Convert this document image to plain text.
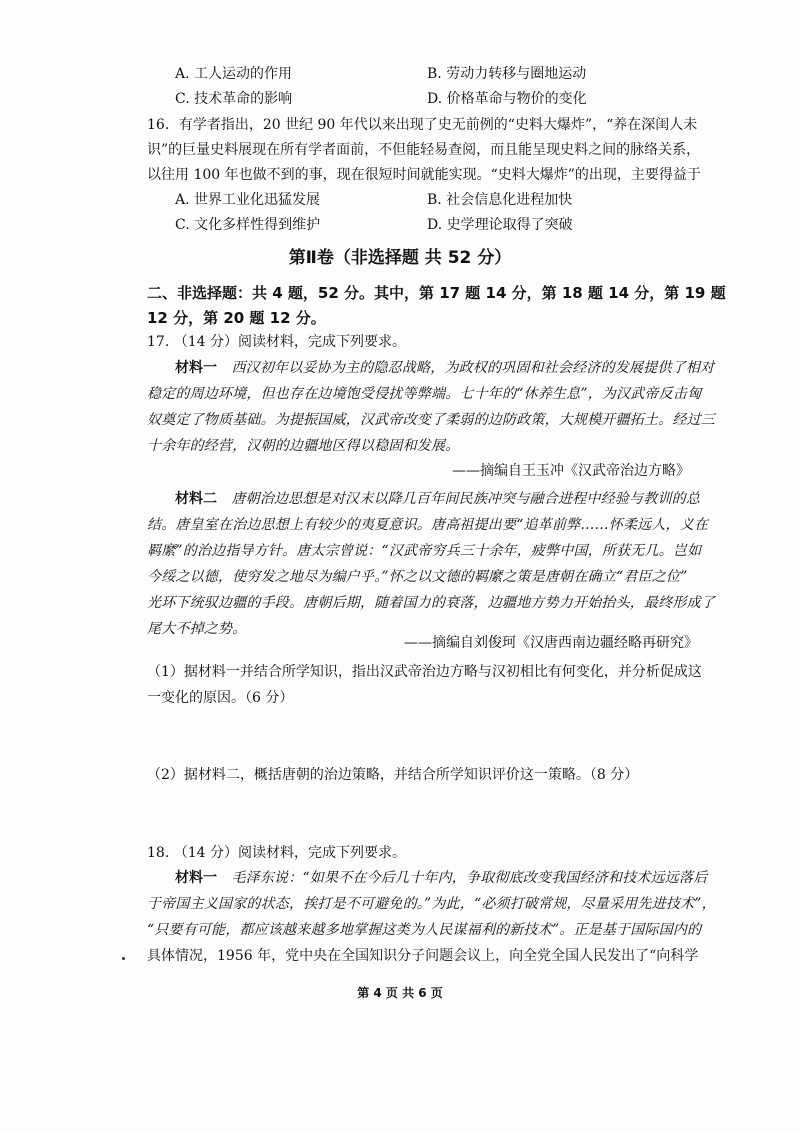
A. 工人运动的作用	B. 劳动力转移与圈地运动
C. 技术革命的影响	D. 价格革命与物价的变化
16．有学者指出，20 世纪 90 年代以来出现了史无前例的“史料大爆炸”，“养在深闺人未
识”的巨量史料展现在所有学者面前，不但能轻易查阅，而且能呈现史料之间的脉络关系，
以往用 100 年也做不到的事，现在很短时间就能实现。“史料大爆炸”的出现，主要得益于
A. 世界工业化迅猛发展	B. 社会信息化进程加快
C. 文化多样性得到维护	D. 史学理论取得了突破
第Ⅱ卷（非选择题 共 52 分）
二、非选择题：共 4 题，52 分。其中，第 17 题 14 分，第 18 题 14 分，第 19 题
12 分，第 20 题 12 分。
17. （14 分）阅读材料，完成下列要求。
材料一 西汉初年以妥协为主的隐忍战略，为政权的巩固和社会经济的发展提供了相对
稳定的周边环境，但也存在边境饱受侵扰等弊端。七十年的“休养生息”，为汉武帝反击匈
奴奠定了物质基础。为提振国威，汉武帝改变了柔弱的边防政策，大规模开疆拓土。经过三
十余年的经营，汉朝的边疆地区得以稳固和发展。
——摘编自王玉冲《汉武帝治边方略》
材料二 唐朝治边思想是对汉末以降几百年间民族冲突与融合进程中经验与教训的总
结。唐皇室在治边思想上有较少的夷夏意识。唐高祖提出要“追革前弊……怀柔远人，义在
羁縻”的治边指导方针。唐太宗曾说：“汉武帝穷兵三十余年，疲弊中国，所获无几。岂如
今绥之以德，使穷发之地尽为编户乎。”怀之以文德的羁縻之策是唐朝在确立“君臣之位”
光环下统驭边疆的手段。唐朝后期，随着国力的衰落，边疆地方势力开始抬头，最终形成了
尾大不掉之势。
——摘编自刘俊珂《汉唐西南边疆经略再研究》
（1）据材料一并结合所学知识，指出汉武帝治边方略与汉初相比有何变化，并分析促成这
一变化的原因。（6 分）
（2）据材料二，概括唐朝的治边策略，并结合所学知识评价这一策略。（8 分）
18. （14 分）阅读材料，完成下列要求。
材料一 毛泽东说：“如果不在今后几十年内，争取彻底改变我国经济和技术远远落后
于帝国主义国家的状态，挨打是不可避免的。”为此，“必须打破常规，尽量采用先进技术”，
“只要有可能，都应该越来越多地掌握这类为人民谋福利的新技术”。正是基于国际国内的
具体情况，1956 年，党中央在全国知识分子问题会议上，向全党全国人民发出了“向科学
第 4 页 共 6 页
